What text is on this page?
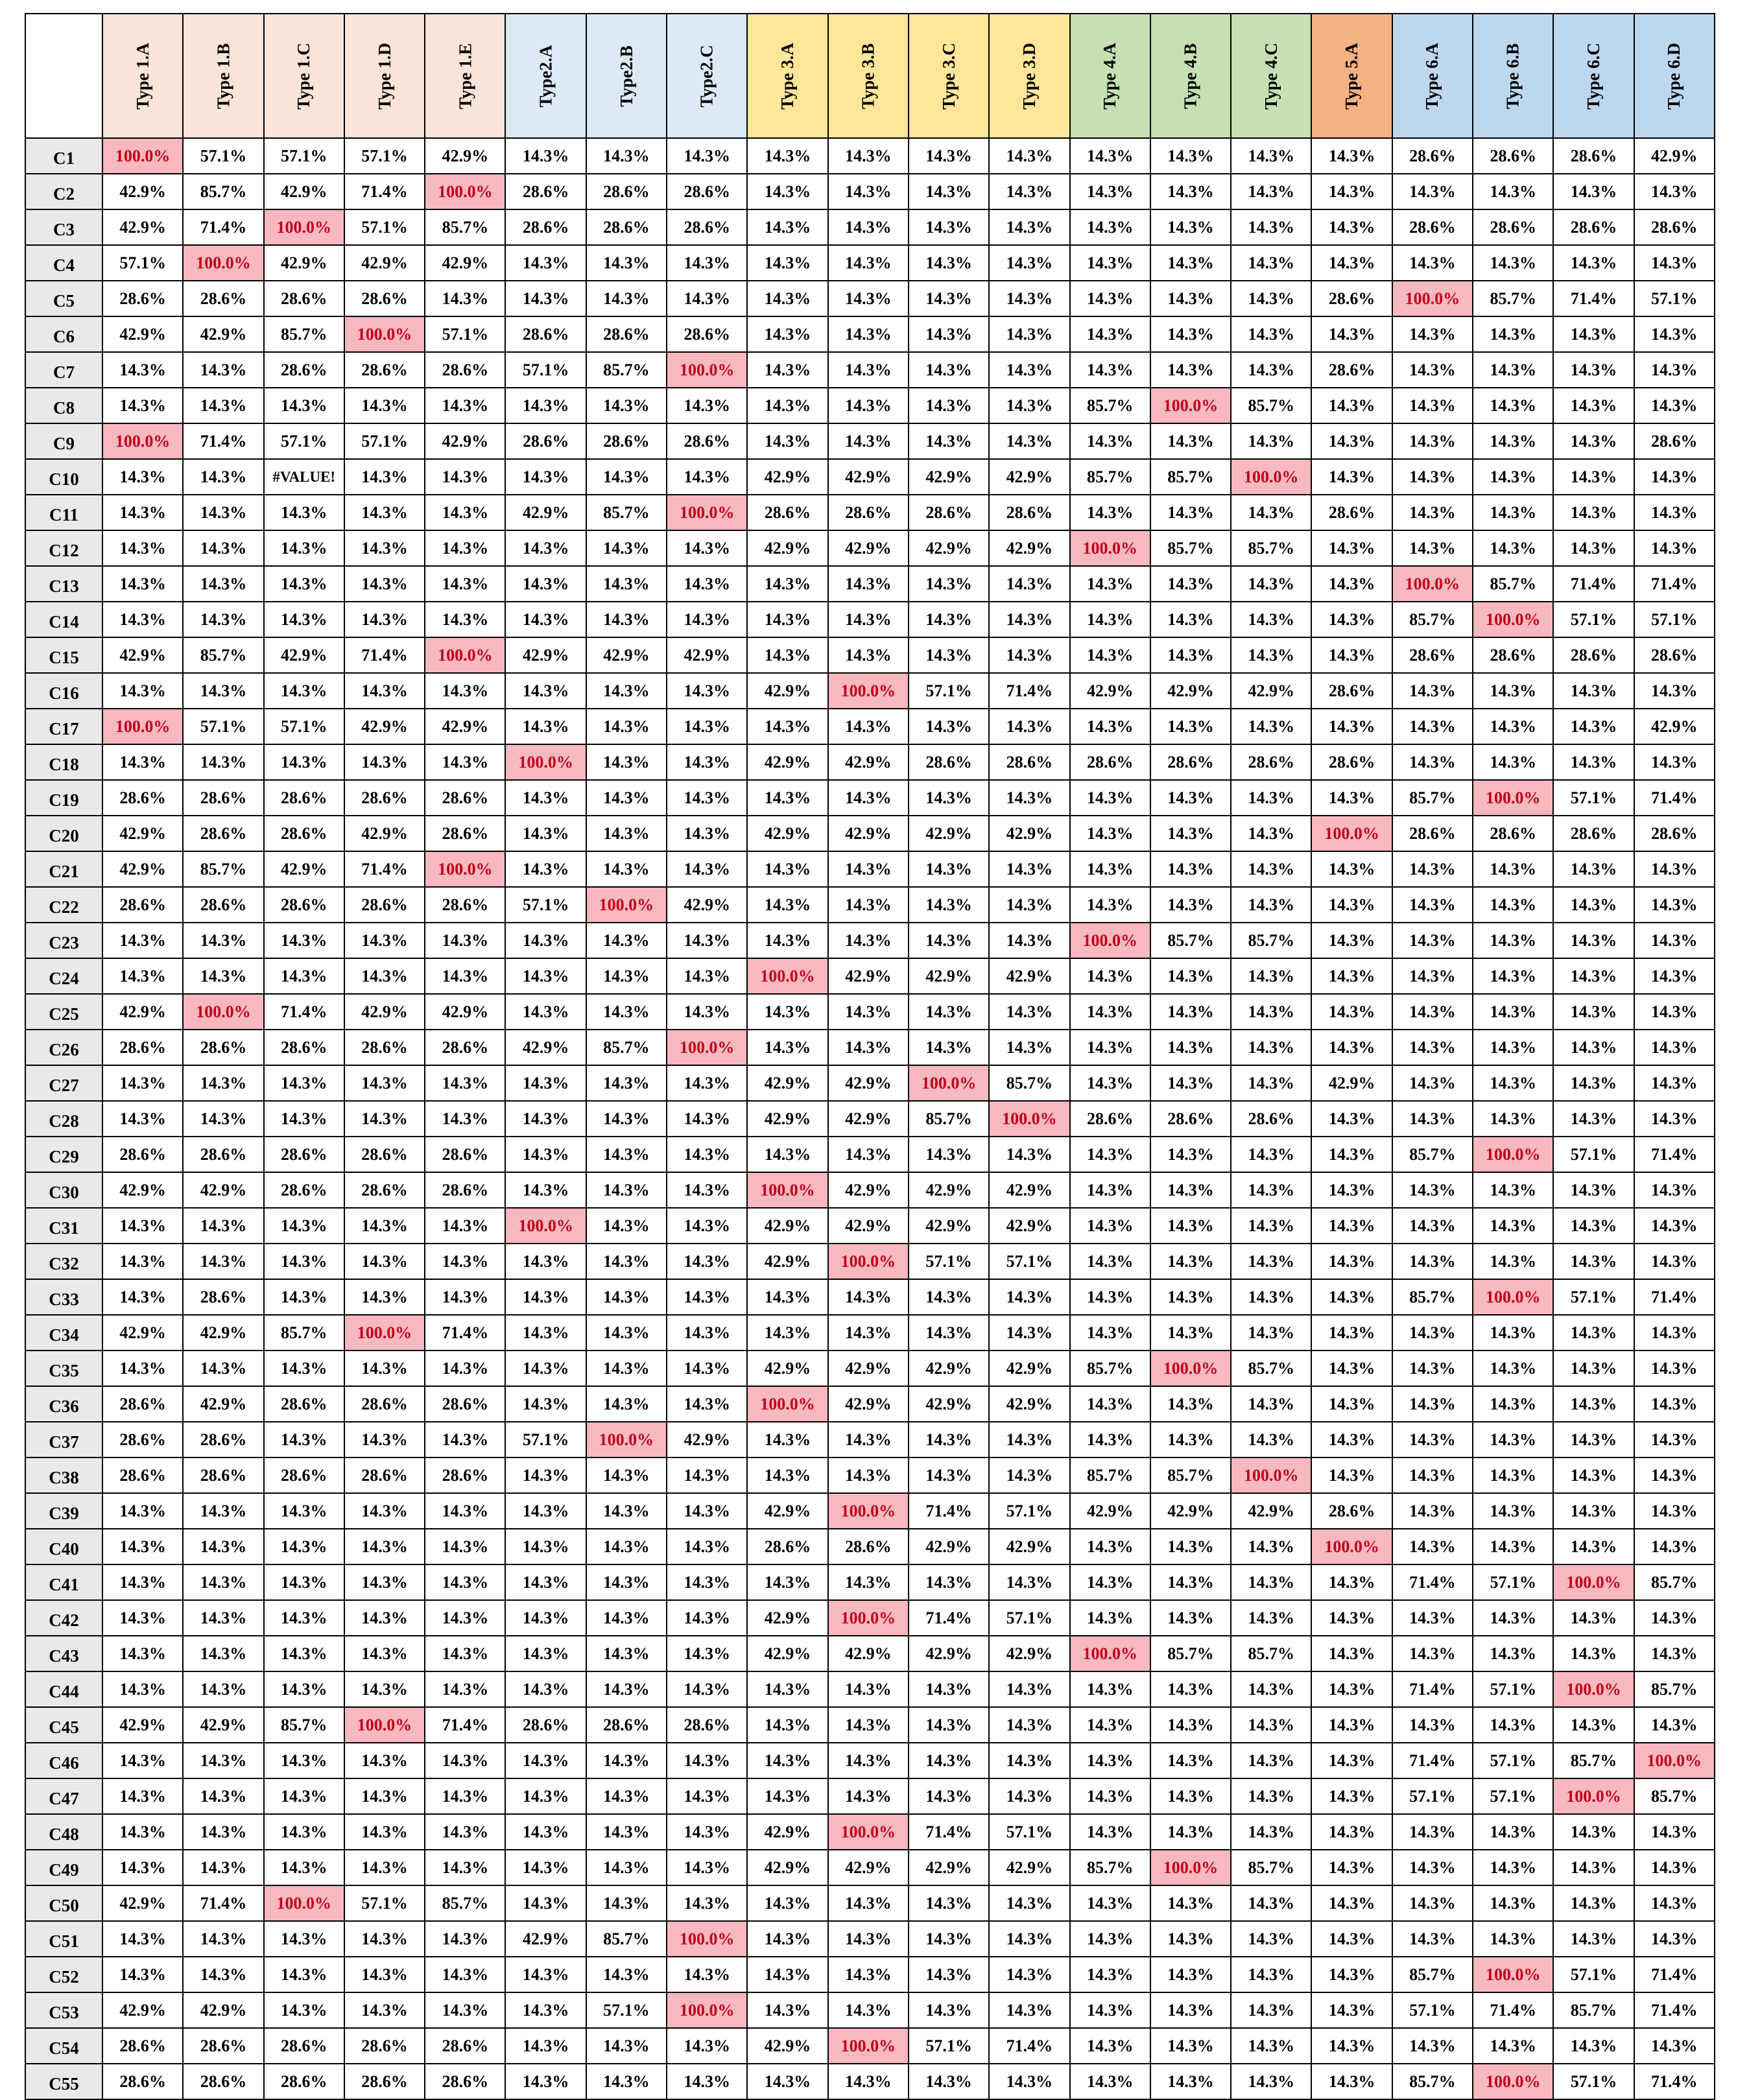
	Type 1.A	Type 1.B	Type 1.C	Type 1.D	Type 1.E	Type2.A	Type2.B	Type2.C	Type 3.A	Type 3.B	Type 3.C	Type 3.D	Type 4.A	Type 4.B	Type 4.C	Type 5.A	Type 6.A	Type 6.B	Type 6.C	Type 6.D
C1	100.0%	57.1%	57.1%	57.1%	42.9%	14.3%	14.3%	14.3%	14.3%	14.3%	14.3%	14.3%	14.3%	14.3%	14.3%	14.3%	28.6%	28.6%	28.6%	42.9%
C2	42.9%	85.7%	42.9%	71.4%	100.0%	28.6%	28.6%	28.6%	14.3%	14.3%	14.3%	14.3%	14.3%	14.3%	14.3%	14.3%	14.3%	14.3%	14.3%	14.3%
C3	42.9%	71.4%	100.0%	57.1%	85.7%	28.6%	28.6%	28.6%	14.3%	14.3%	14.3%	14.3%	14.3%	14.3%	14.3%	14.3%	28.6%	28.6%	28.6%	28.6%
C4	57.1%	100.0%	42.9%	42.9%	42.9%	14.3%	14.3%	14.3%	14.3%	14.3%	14.3%	14.3%	14.3%	14.3%	14.3%	14.3%	14.3%	14.3%	14.3%	14.3%
C5	28.6%	28.6%	28.6%	28.6%	14.3%	14.3%	14.3%	14.3%	14.3%	14.3%	14.3%	14.3%	14.3%	14.3%	14.3%	28.6%	100.0%	85.7%	71.4%	57.1%
C6	42.9%	42.9%	85.7%	100.0%	57.1%	28.6%	28.6%	28.6%	14.3%	14.3%	14.3%	14.3%	14.3%	14.3%	14.3%	14.3%	14.3%	14.3%	14.3%	14.3%
C7	14.3%	14.3%	28.6%	28.6%	28.6%	57.1%	85.7%	100.0%	14.3%	14.3%	14.3%	14.3%	14.3%	14.3%	14.3%	28.6%	14.3%	14.3%	14.3%	14.3%
C8	14.3%	14.3%	14.3%	14.3%	14.3%	14.3%	14.3%	14.3%	14.3%	14.3%	14.3%	14.3%	85.7%	100.0%	85.7%	14.3%	14.3%	14.3%	14.3%	14.3%
C9	100.0%	71.4%	57.1%	57.1%	42.9%	28.6%	28.6%	28.6%	14.3%	14.3%	14.3%	14.3%	14.3%	14.3%	14.3%	14.3%	14.3%	14.3%	14.3%	28.6%
C10	14.3%	14.3%	#VALUE!	14.3%	14.3%	14.3%	14.3%	14.3%	42.9%	42.9%	42.9%	42.9%	85.7%	85.7%	100.0%	14.3%	14.3%	14.3%	14.3%	14.3%
C11	14.3%	14.3%	14.3%	14.3%	14.3%	42.9%	85.7%	100.0%	28.6%	28.6%	28.6%	28.6%	14.3%	14.3%	14.3%	28.6%	14.3%	14.3%	14.3%	14.3%
C12	14.3%	14.3%	14.3%	14.3%	14.3%	14.3%	14.3%	14.3%	42.9%	42.9%	42.9%	42.9%	100.0%	85.7%	85.7%	14.3%	14.3%	14.3%	14.3%	14.3%
C13	14.3%	14.3%	14.3%	14.3%	14.3%	14.3%	14.3%	14.3%	14.3%	14.3%	14.3%	14.3%	14.3%	14.3%	14.3%	14.3%	100.0%	85.7%	71.4%	71.4%
C14	14.3%	14.3%	14.3%	14.3%	14.3%	14.3%	14.3%	14.3%	14.3%	14.3%	14.3%	14.3%	14.3%	14.3%	14.3%	14.3%	85.7%	100.0%	57.1%	57.1%
C15	42.9%	85.7%	42.9%	71.4%	100.0%	42.9%	42.9%	42.9%	14.3%	14.3%	14.3%	14.3%	14.3%	14.3%	14.3%	14.3%	28.6%	28.6%	28.6%	28.6%
C16	14.3%	14.3%	14.3%	14.3%	14.3%	14.3%	14.3%	14.3%	42.9%	100.0%	57.1%	71.4%	42.9%	42.9%	42.9%	28.6%	14.3%	14.3%	14.3%	14.3%
C17	100.0%	57.1%	57.1%	42.9%	42.9%	14.3%	14.3%	14.3%	14.3%	14.3%	14.3%	14.3%	14.3%	14.3%	14.3%	14.3%	14.3%	14.3%	14.3%	42.9%
C18	14.3%	14.3%	14.3%	14.3%	14.3%	100.0%	14.3%	14.3%	42.9%	42.9%	28.6%	28.6%	28.6%	28.6%	28.6%	28.6%	14.3%	14.3%	14.3%	14.3%
C19	28.6%	28.6%	28.6%	28.6%	28.6%	14.3%	14.3%	14.3%	14.3%	14.3%	14.3%	14.3%	14.3%	14.3%	14.3%	14.3%	85.7%	100.0%	57.1%	71.4%
C20	42.9%	28.6%	28.6%	42.9%	28.6%	14.3%	14.3%	14.3%	42.9%	42.9%	42.9%	42.9%	14.3%	14.3%	14.3%	100.0%	28.6%	28.6%	28.6%	28.6%
C21	42.9%	85.7%	42.9%	71.4%	100.0%	14.3%	14.3%	14.3%	14.3%	14.3%	14.3%	14.3%	14.3%	14.3%	14.3%	14.3%	14.3%	14.3%	14.3%	14.3%
C22	28.6%	28.6%	28.6%	28.6%	28.6%	57.1%	100.0%	42.9%	14.3%	14.3%	14.3%	14.3%	14.3%	14.3%	14.3%	14.3%	14.3%	14.3%	14.3%	14.3%
C23	14.3%	14.3%	14.3%	14.3%	14.3%	14.3%	14.3%	14.3%	14.3%	14.3%	14.3%	14.3%	100.0%	85.7%	85.7%	14.3%	14.3%	14.3%	14.3%	14.3%
C24	14.3%	14.3%	14.3%	14.3%	14.3%	14.3%	14.3%	14.3%	100.0%	42.9%	42.9%	42.9%	14.3%	14.3%	14.3%	14.3%	14.3%	14.3%	14.3%	14.3%
C25	42.9%	100.0%	71.4%	42.9%	42.9%	14.3%	14.3%	14.3%	14.3%	14.3%	14.3%	14.3%	14.3%	14.3%	14.3%	14.3%	14.3%	14.3%	14.3%	14.3%
C26	28.6%	28.6%	28.6%	28.6%	28.6%	42.9%	85.7%	100.0%	14.3%	14.3%	14.3%	14.3%	14.3%	14.3%	14.3%	14.3%	14.3%	14.3%	14.3%	14.3%
C27	14.3%	14.3%	14.3%	14.3%	14.3%	14.3%	14.3%	14.3%	42.9%	42.9%	100.0%	85.7%	14.3%	14.3%	14.3%	42.9%	14.3%	14.3%	14.3%	14.3%
C28	14.3%	14.3%	14.3%	14.3%	14.3%	14.3%	14.3%	14.3%	42.9%	42.9%	85.7%	100.0%	28.6%	28.6%	28.6%	14.3%	14.3%	14.3%	14.3%	14.3%
C29	28.6%	28.6%	28.6%	28.6%	28.6%	14.3%	14.3%	14.3%	14.3%	14.3%	14.3%	14.3%	14.3%	14.3%	14.3%	14.3%	85.7%	100.0%	57.1%	71.4%
C30	42.9%	42.9%	28.6%	28.6%	28.6%	14.3%	14.3%	14.3%	100.0%	42.9%	42.9%	42.9%	14.3%	14.3%	14.3%	14.3%	14.3%	14.3%	14.3%	14.3%
C31	14.3%	14.3%	14.3%	14.3%	14.3%	100.0%	14.3%	14.3%	42.9%	42.9%	42.9%	42.9%	14.3%	14.3%	14.3%	14.3%	14.3%	14.3%	14.3%	14.3%
C32	14.3%	14.3%	14.3%	14.3%	14.3%	14.3%	14.3%	14.3%	42.9%	100.0%	57.1%	57.1%	14.3%	14.3%	14.3%	14.3%	14.3%	14.3%	14.3%	14.3%
C33	14.3%	28.6%	14.3%	14.3%	14.3%	14.3%	14.3%	14.3%	14.3%	14.3%	14.3%	14.3%	14.3%	14.3%	14.3%	14.3%	85.7%	100.0%	57.1%	71.4%
C34	42.9%	42.9%	85.7%	100.0%	71.4%	14.3%	14.3%	14.3%	14.3%	14.3%	14.3%	14.3%	14.3%	14.3%	14.3%	14.3%	14.3%	14.3%	14.3%	14.3%
C35	14.3%	14.3%	14.3%	14.3%	14.3%	14.3%	14.3%	14.3%	42.9%	42.9%	42.9%	42.9%	85.7%	100.0%	85.7%	14.3%	14.3%	14.3%	14.3%	14.3%
C36	28.6%	42.9%	28.6%	28.6%	28.6%	14.3%	14.3%	14.3%	100.0%	42.9%	42.9%	42.9%	14.3%	14.3%	14.3%	14.3%	14.3%	14.3%	14.3%	14.3%
C37	28.6%	28.6%	14.3%	14.3%	14.3%	57.1%	100.0%	42.9%	14.3%	14.3%	14.3%	14.3%	14.3%	14.3%	14.3%	14.3%	14.3%	14.3%	14.3%	14.3%
C38	28.6%	28.6%	28.6%	28.6%	28.6%	14.3%	14.3%	14.3%	14.3%	14.3%	14.3%	14.3%	85.7%	85.7%	100.0%	14.3%	14.3%	14.3%	14.3%	14.3%
C39	14.3%	14.3%	14.3%	14.3%	14.3%	14.3%	14.3%	14.3%	42.9%	100.0%	71.4%	57.1%	42.9%	42.9%	42.9%	28.6%	14.3%	14.3%	14.3%	14.3%
C40	14.3%	14.3%	14.3%	14.3%	14.3%	14.3%	14.3%	14.3%	28.6%	28.6%	42.9%	42.9%	14.3%	14.3%	14.3%	100.0%	14.3%	14.3%	14.3%	14.3%
C41	14.3%	14.3%	14.3%	14.3%	14.3%	14.3%	14.3%	14.3%	14.3%	14.3%	14.3%	14.3%	14.3%	14.3%	14.3%	14.3%	71.4%	57.1%	100.0%	85.7%
C42	14.3%	14.3%	14.3%	14.3%	14.3%	14.3%	14.3%	14.3%	42.9%	100.0%	71.4%	57.1%	14.3%	14.3%	14.3%	14.3%	14.3%	14.3%	14.3%	14.3%
C43	14.3%	14.3%	14.3%	14.3%	14.3%	14.3%	14.3%	14.3%	42.9%	42.9%	42.9%	42.9%	100.0%	85.7%	85.7%	14.3%	14.3%	14.3%	14.3%	14.3%
C44	14.3%	14.3%	14.3%	14.3%	14.3%	14.3%	14.3%	14.3%	14.3%	14.3%	14.3%	14.3%	14.3%	14.3%	14.3%	14.3%	71.4%	57.1%	100.0%	85.7%
C45	42.9%	42.9%	85.7%	100.0%	71.4%	28.6%	28.6%	28.6%	14.3%	14.3%	14.3%	14.3%	14.3%	14.3%	14.3%	14.3%	14.3%	14.3%	14.3%	14.3%
C46	14.3%	14.3%	14.3%	14.3%	14.3%	14.3%	14.3%	14.3%	14.3%	14.3%	14.3%	14.3%	14.3%	14.3%	14.3%	14.3%	71.4%	57.1%	85.7%	100.0%
C47	14.3%	14.3%	14.3%	14.3%	14.3%	14.3%	14.3%	14.3%	14.3%	14.3%	14.3%	14.3%	14.3%	14.3%	14.3%	14.3%	57.1%	57.1%	100.0%	85.7%
C48	14.3%	14.3%	14.3%	14.3%	14.3%	14.3%	14.3%	14.3%	42.9%	100.0%	71.4%	57.1%	14.3%	14.3%	14.3%	14.3%	14.3%	14.3%	14.3%	14.3%
C49	14.3%	14.3%	14.3%	14.3%	14.3%	14.3%	14.3%	14.3%	42.9%	42.9%	42.9%	42.9%	85.7%	100.0%	85.7%	14.3%	14.3%	14.3%	14.3%	14.3%
C50	42.9%	71.4%	100.0%	57.1%	85.7%	14.3%	14.3%	14.3%	14.3%	14.3%	14.3%	14.3%	14.3%	14.3%	14.3%	14.3%	14.3%	14.3%	14.3%	14.3%
C51	14.3%	14.3%	14.3%	14.3%	14.3%	42.9%	85.7%	100.0%	14.3%	14.3%	14.3%	14.3%	14.3%	14.3%	14.3%	14.3%	14.3%	14.3%	14.3%	14.3%
C52	14.3%	14.3%	14.3%	14.3%	14.3%	14.3%	14.3%	14.3%	14.3%	14.3%	14.3%	14.3%	14.3%	14.3%	14.3%	14.3%	85.7%	100.0%	57.1%	71.4%
C53	42.9%	42.9%	14.3%	14.3%	14.3%	14.3%	57.1%	100.0%	14.3%	14.3%	14.3%	14.3%	14.3%	14.3%	14.3%	14.3%	57.1%	71.4%	85.7%	71.4%
C54	28.6%	28.6%	28.6%	28.6%	28.6%	14.3%	14.3%	14.3%	42.9%	100.0%	57.1%	71.4%	14.3%	14.3%	14.3%	14.3%	14.3%	14.3%	14.3%	14.3%
C55	28.6%	28.6%	28.6%	28.6%	28.6%	14.3%	14.3%	14.3%	14.3%	14.3%	14.3%	14.3%	14.3%	14.3%	14.3%	14.3%	85.7%	100.0%	57.1%	71.4%
